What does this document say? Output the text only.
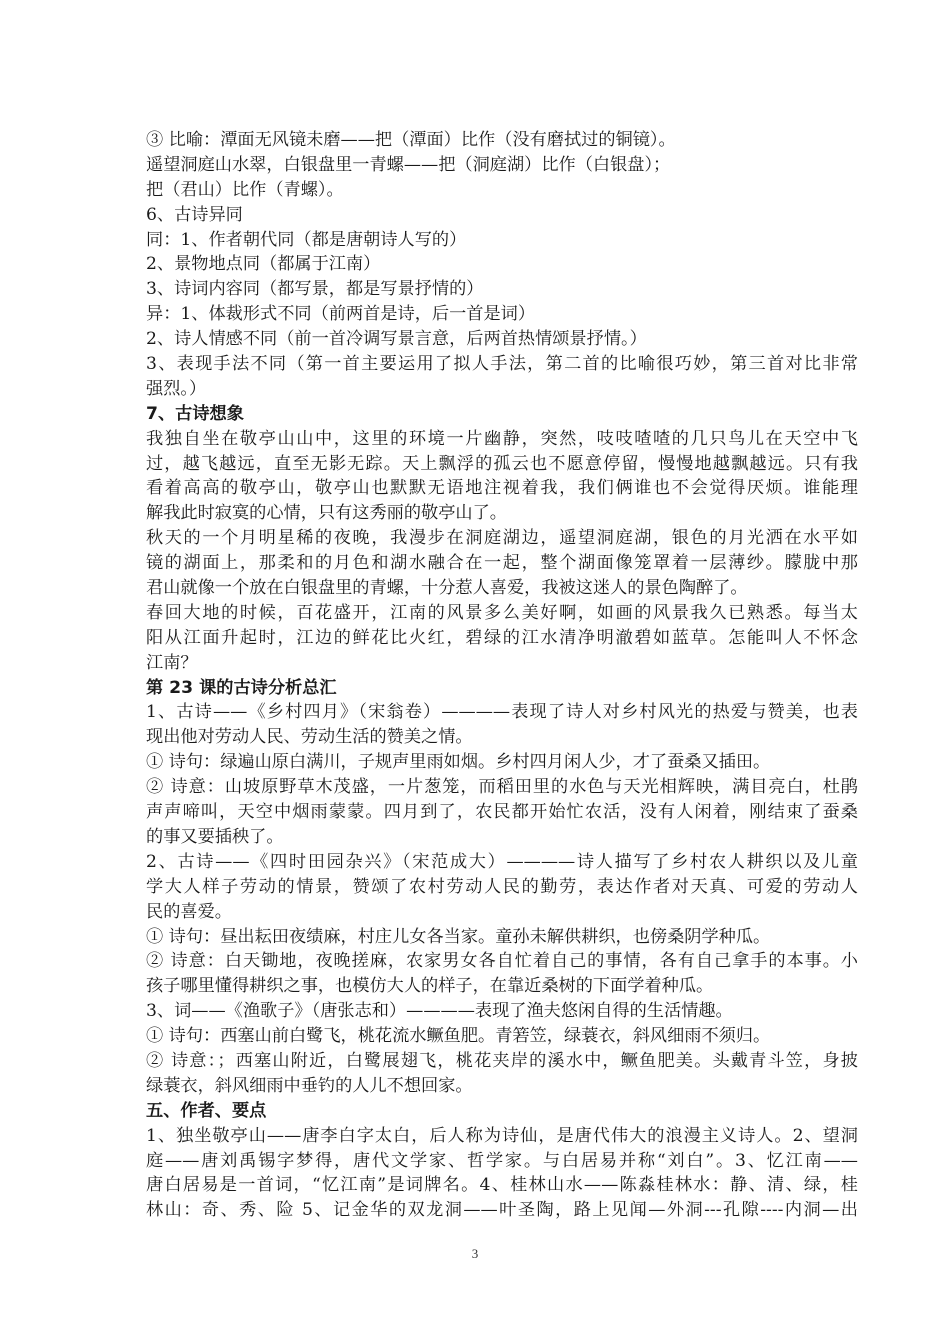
③ 比喻：潭面无风镜未磨——把（潭面）比作（没有磨拭过的铜镜）。
遥望洞庭山水翠，白银盘里一青螺——把（洞庭湖）比作（白银盘）；
把（君山）比作（青螺）。
6、古诗异同
同：1、作者朝代同（都是唐朝诗人写的）
2、景物地点同（都属于江南）
3、诗词内容同（都写景，都是写景抒情的）
异：1、体裁形式不同（前两首是诗，后一首是词）
2、诗人情感不同（前一首冷调写景言意，后两首热情颂景抒情。）
3、表现手法不同（第一首主要运用了拟人手法，第二首的比喻很巧妙，第三首对比非常
强烈。）
7、古诗想象
我独自坐在敬亭山山中，这里的环境一片幽静，突然，吱吱喳喳的几只鸟儿在天空中飞
过，越飞越远，直至无影无踪。天上飘浮的孤云也不愿意停留，慢慢地越飘越远。只有我
看着高高的敬亭山，敬亭山也默默无语地注视着我，我们俩谁也不会觉得厌烦。谁能理
解我此时寂寞的心情，只有这秀丽的敬亭山了。
秋天的一个月明星稀的夜晚，我漫步在洞庭湖边，遥望洞庭湖，银色的月光洒在水平如
镜的湖面上，那柔和的月色和湖水融合在一起，整个湖面像笼罩着一层薄纱。朦胧中那
君山就像一个放在白银盘里的青螺，十分惹人喜爱，我被这迷人的景色陶醉了。
春回大地的时候，百花盛开，江南的风景多么美好啊，如画的风景我久已熟悉。每当太
阳从江面升起时，江边的鲜花比火红，碧绿的江水清净明澈碧如蓝草。怎能叫人不怀念
江南？
第 23 课的古诗分析总汇
1、古诗——《乡村四月》（宋翁卷）————表现了诗人对乡村风光的热爱与赞美，也表
现出他对劳动人民、劳动生活的赞美之情。
① 诗句：绿遍山原白满川，子规声里雨如烟。乡村四月闲人少，才了蚕桑又插田。
② 诗意：山坡原野草木茂盛，一片葱笼，而稻田里的水色与天光相辉映，满目亮白，杜鹃
声声啼叫，天空中烟雨蒙蒙。四月到了，农民都开始忙农活，没有人闲着，刚结束了蚕桑
的事又要插秧了。
2、古诗——《四时田园杂兴》（宋范成大）————诗人描写了乡村农人耕织以及儿童
学大人样子劳动的情景，赞颂了农村劳动人民的勤劳，表达作者对天真、可爱的劳动人
民的喜爱。
① 诗句：昼出耘田夜绩麻，村庄儿女各当家。童孙未解供耕织，也傍桑阴学种瓜。
② 诗意：白天锄地，夜晚搓麻，农家男女各自忙着自己的事情，各有自己拿手的本事。小
孩子哪里懂得耕织之事，也模仿大人的样子，在靠近桑树的下面学着种瓜。
3、词——《渔歌子》（唐张志和）————表现了渔夫悠闲自得的生活情趣。
① 诗句：西塞山前白鹭飞，桃花流水鳜鱼肥。青箬笠，绿蓑衣，斜风细雨不须归。
② 诗意：；西塞山附近，白鹭展翅飞，桃花夹岸的溪水中，鳜鱼肥美。头戴青斗笠，身披
绿蓑衣，斜风细雨中垂钓的人儿不想回家。
五、作者、要点
1、独坐敬亭山——唐李白字太白，后人称为诗仙，是唐代伟大的浪漫主义诗人。2、望洞
庭——唐刘禹锡字梦得，唐代文学家、哲学家。与白居易并称“刘白”。3、忆江南——
唐白居易是一首词，“忆江南”是词牌名。4、桂林山水——陈淼桂林水：静、清、绿，桂
林山：奇、秀、险 5、记金华的双龙洞——叶圣陶，路上见闻—外洞---孔隙----内洞—出
3
